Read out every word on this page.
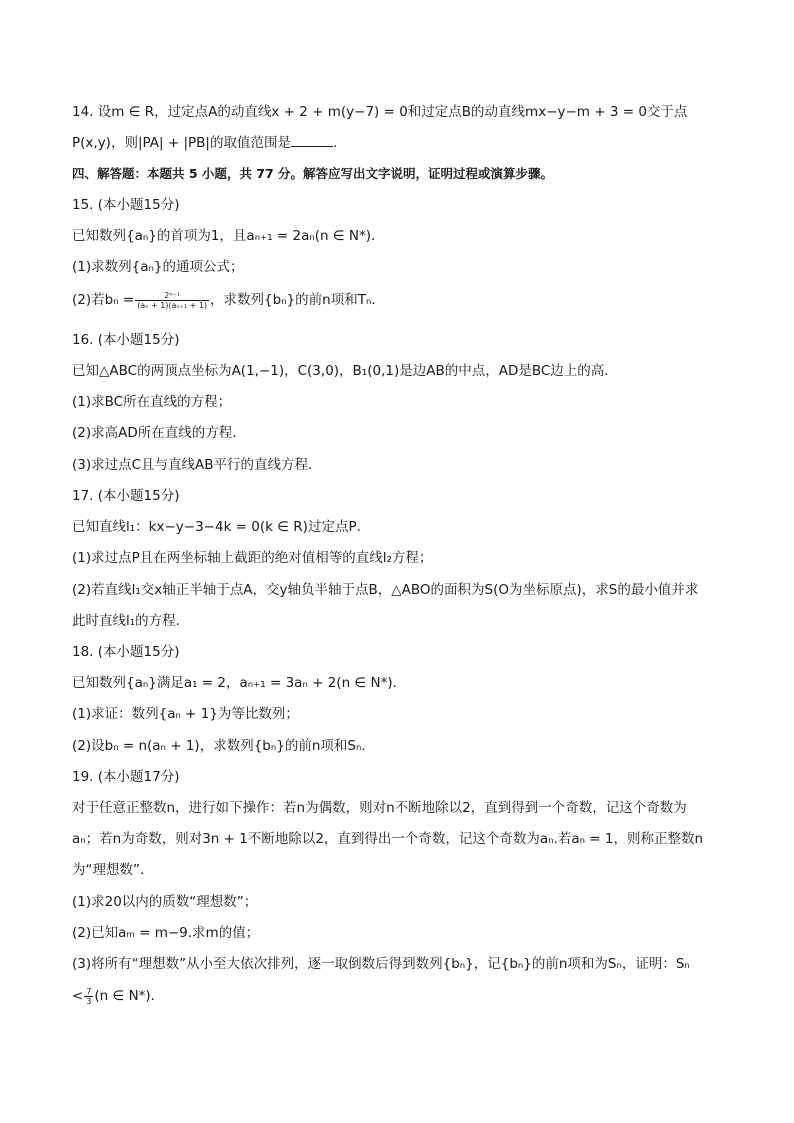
14. 设m ∈ R，过定点A的动直线x + 2 + m(y−7) = 0和过定点B的动直线mx−y−m + 3 = 0交于点
P(x,y)，则|PA| + |PB|的取值范围是	.
四、解答题：本题共 5 小题，共 77 分。解答应写出文字说明，证明过程或演算步骤。
15. (本小题15分)
已知数列{aₙ}的首项为1，且aₙ₊₁ = 2aₙ(n ∈ N*)．
(1)求数列{aₙ}的通项公式；
(2)若$b_n = \frac{\text{2ⁿ⁻¹}}{\text{(aₙ + 1)(aₙ₊₁ + 1)}}$ ，求数列{bₙ}的前n项和Tₙ．
16. (本小题15分)
已知△ABC的两顶点坐标为A(1,−1)，C(3,0)，B₁(0,1)是边AB的中点，AD是BC边上的高．
(1)求BC所在直线的方程；
(2)求高AD所在直线的方程．
(3)求过点C且与直线AB平行的直线方程．
17. (本小题15分)
已知直线l₁：kx−y−3−4k = 0(k ∈ R)过定点P．
(1)求过点P且在两坐标轴上截距的绝对值相等的直线l₂方程；
(2)若直线l₁交x轴正半轴于点A，交y轴负半轴于点B，△ABO的面积为S(O为坐标原点)，求S的最小值并求
此时直线l₁的方程．
18. (本小题15分)
已知数列{aₙ}满足a₁ = 2，aₙ₊₁ = 3aₙ + 2(n ∈ N*)．
(1)求证：数列{aₙ + 1}为等比数列；
(2)设bₙ = n(aₙ + 1)，求数列{bₙ}的前n项和Sₙ．
19. (本小题17分)
对于任意正整数n，进行如下操作：若n为偶数，则对n不断地除以2，直到得到一个奇数，记这个奇数为
aₙ；若n为奇数，则对3n + 1不断地除以2，直到得出一个奇数，记这个奇数为aₙ.若aₙ = 1，则称正整数n
为“理想数”．
(1)求20以内的质数“理想数”；
(2)已知aₘ = m−9.求m的值；
(3)将所有“理想数”从小至大依次排列，逐一取倒数后得到数列{bₙ}，记{bₙ}的前n项和为Sₙ，证明：Sₙ
< $\frac{7}{3} (n$ ∈ N*)．
